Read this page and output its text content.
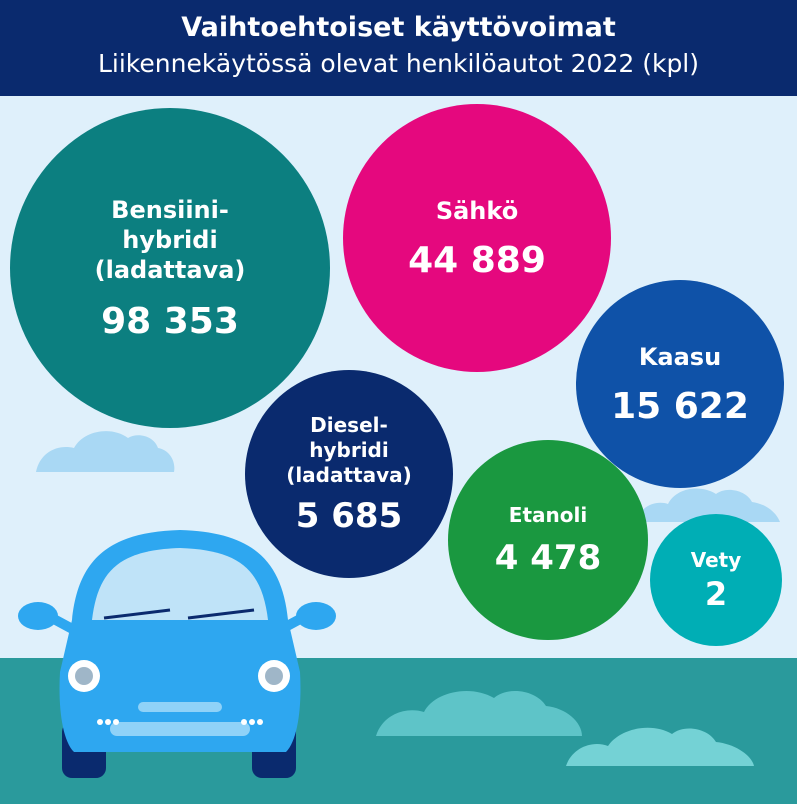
Vaihtoehtoiset käyttövoimat
Liikennekäytössä olevat henkilöautot 2022 (kpl)
Bensiini-
hybridi
(ladattava)
98 353
Sähkö
44 889
Kaasu
15 622
Diesel-
hybridi
(ladattava)
5 685	Etanoli
4 478	Vety
2
